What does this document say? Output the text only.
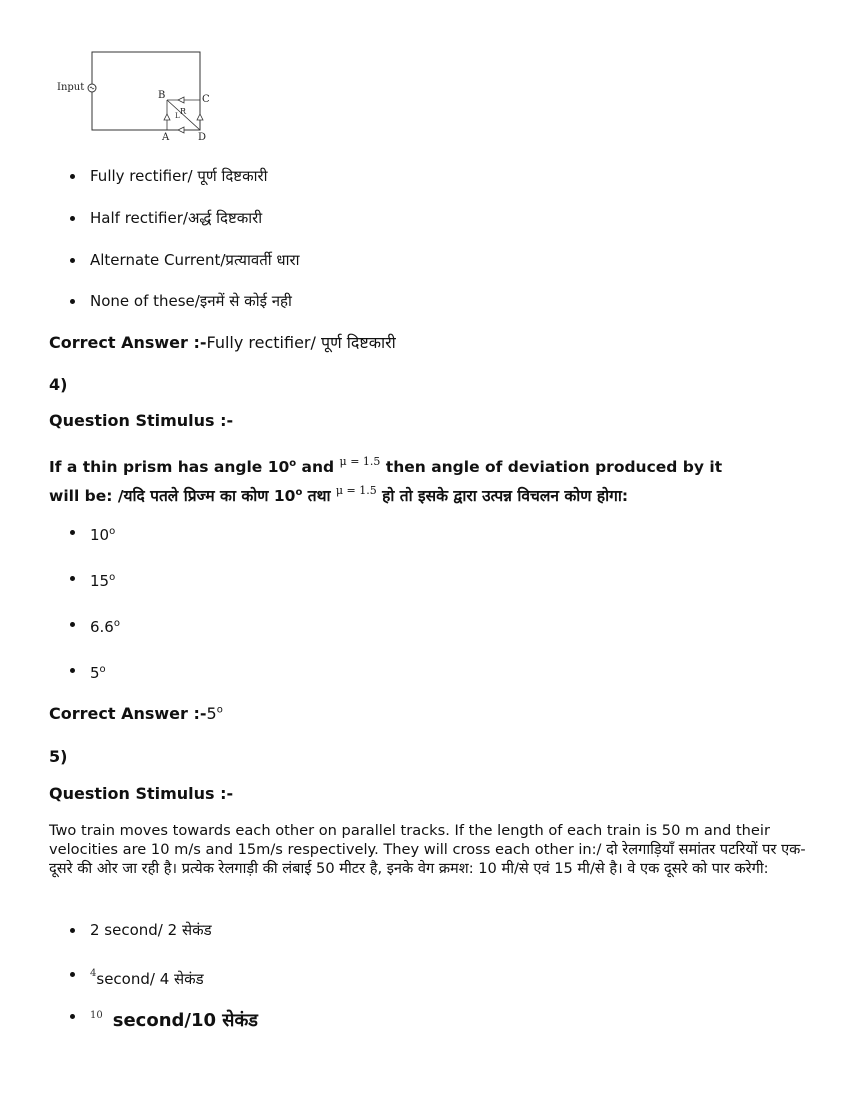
Input
B	C
R
L
A	D
Fully rectifier/ पूर्ण दिष्टकारी
Half rectifier/अर्द्ध दिष्टकारी
Alternate Current/प्रत्यावर्ती धारा
None of these/इनमें से कोई नही
Correct Answer :-Fully rectifier/ पूर्ण दिष्टकारी
4)
Question Stimulus :-
If a thin prism has angle 10$^o$ and $^{\mu = 1.5}$ then angle of deviation produced by it
will be: /यदि पतले प्रिज्म का कोण 10$^o$ तथा $^{\mu = 1.5}$ हो तो इसके द्वारा उत्पन्न विचलन कोण होगा:
10$^o$
15$^o$
6.6$^o$
5$^o$
Correct Answer :-5$^o$
5)
Question Stimulus :-
Two train moves towards each other on parallel tracks. If the length of each train is 50 m and their velocities are 10 m/s and 15m/s respectively. They will cross each other in:/ दो रेलगाड़ियाँ समांतर पटरियों पर एक-दूसरे की ओर जा रही है। प्रत्येक रेलगाड़ी की लंबाई 50 मीटर है, इनके वेग क्रमश: 10 मी/से एवं 15 मी/से है। वे एक दूसरे को पार करेगी:
2 second/ 2 सेकंड
$^4$second/ 4 सेकंड
$^{10}$ second/10 सेकंड
